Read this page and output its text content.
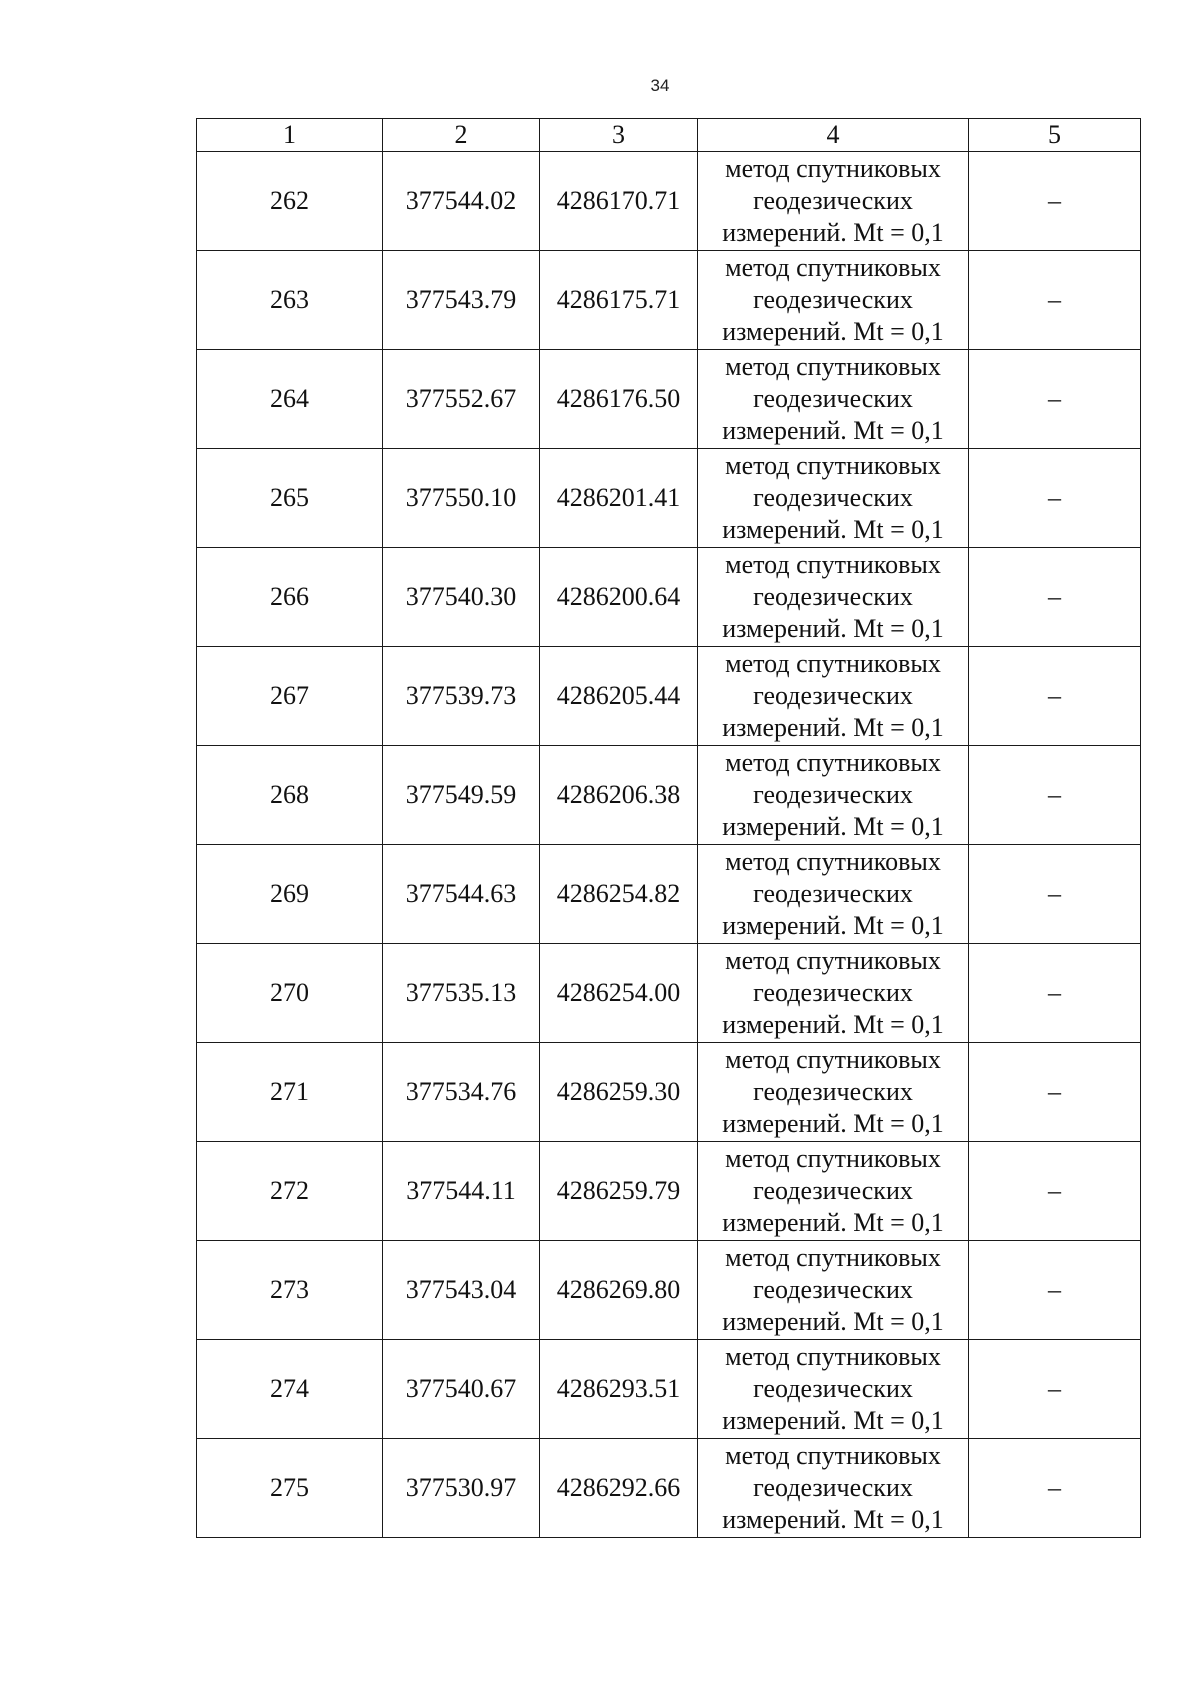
34
1	2	3	4	5
262	377544.02	4286170.71	метод спутниковых
геодезических
измерений. Mt = 0,1	–
263	377543.79	4286175.71	метод спутниковых
геодезических
измерений. Mt = 0,1	–
264	377552.67	4286176.50	метод спутниковых
геодезических
измерений. Mt = 0,1	–
265	377550.10	4286201.41	метод спутниковых
геодезических
измерений. Mt = 0,1	–
266	377540.30	4286200.64	метод спутниковых
геодезических
измерений. Mt = 0,1	–
267	377539.73	4286205.44	метод спутниковых
геодезических
измерений. Mt = 0,1	–
268	377549.59	4286206.38	метод спутниковых
геодезических
измерений. Mt = 0,1	–
269	377544.63	4286254.82	метод спутниковых
геодезических
измерений. Mt = 0,1	–
270	377535.13	4286254.00	метод спутниковых
геодезических
измерений. Mt = 0,1	–
271	377534.76	4286259.30	метод спутниковых
геодезических
измерений. Mt = 0,1	–
272	377544.11	4286259.79	метод спутниковых
геодезических
измерений. Mt = 0,1	–
273	377543.04	4286269.80	метод спутниковых
геодезических
измерений. Mt = 0,1	–
274	377540.67	4286293.51	метод спутниковых
геодезических
измерений. Mt = 0,1	–
275	377530.97	4286292.66	метод спутниковых
геодезических
измерений. Mt = 0,1	–
